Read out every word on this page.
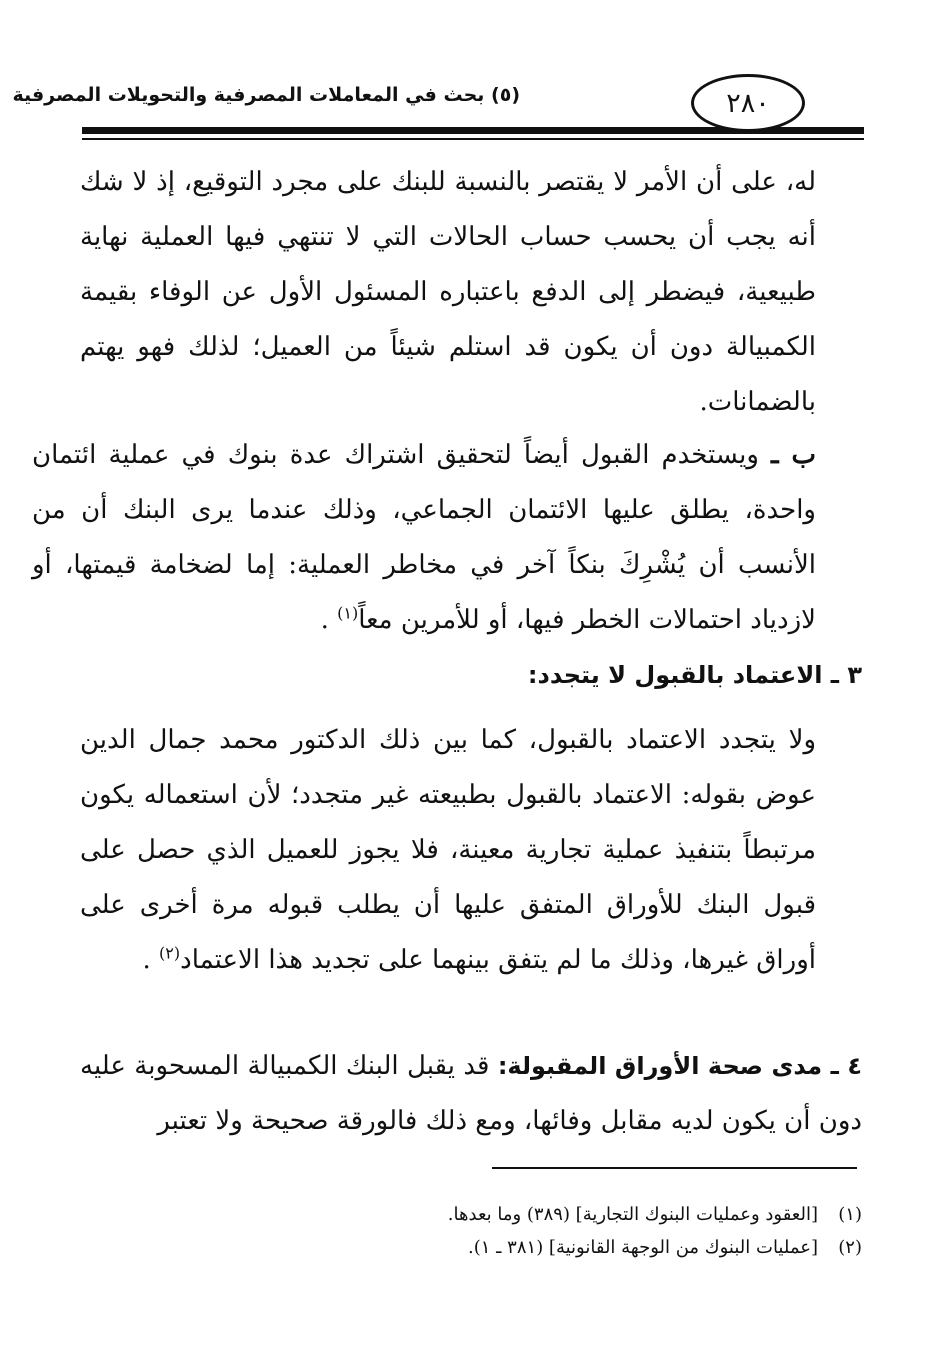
(٥) بحث في المعاملات المصرفية والتحويلات المصرفية	٢٨٠

له، على أن الأمر لا يقتصر بالنسبة للبنك على مجرد التوقيع، إذ لا شك أنه يجب أن يحسب حساب الحالات التي لا تنتهي فيها العملية نهاية طبيعية، فيضطر إلى الدفع باعتباره المسئول الأول عن الوفاء بقيمة الكمبيالة دون أن يكون قد استلم شيئاً من العميل؛ لذلك فهو يهتم بالضمانات.

ب ـ ويستخدم القبول أيضاً لتحقيق اشتراك عدة بنوك في عملية ائتمان واحدة، يطلق عليها الائتمان الجماعي، وذلك عندما يرى البنك أن من الأنسب أن يُشْرِكَ بنكاً آخر في مخاطر العملية: إما لضخامة قيمتها، أو لازدياد احتمالات الخطر فيها، أو للأمرين معاً$^{(١)}$ .

٣ ـ الاعتماد بالقبول لا يتجدد:

ولا يتجدد الاعتماد بالقبول، كما بين ذلك الدكتور محمد جمال الدين عوض بقوله: الاعتماد بالقبول بطبيعته غير متجدد؛ لأن استعماله يكون مرتبطاً بتنفيذ عملية تجارية معينة، فلا يجوز للعميل الذي حصل على قبول البنك للأوراق المتفق عليها أن يطلب قبوله مرة أخرى على أوراق غيرها، وذلك ما لم يتفق بينهما على تجديد هذا الاعتماد$^{(٢)}$ .

٤ ـ مدى صحة الأوراق المقبولة: قد يقبل البنك الكمبيالة المسحوبة عليه دون أن يكون لديه مقابل وفائها، ومع ذلك فالورقة صحيحة ولا تعتبر

(١)[العقود وعمليات البنوك التجارية] (٣٨٩) وما بعدها.
(٢)[عمليات البنوك من الوجهة القانونية] (٣٨١ ـ ١).
